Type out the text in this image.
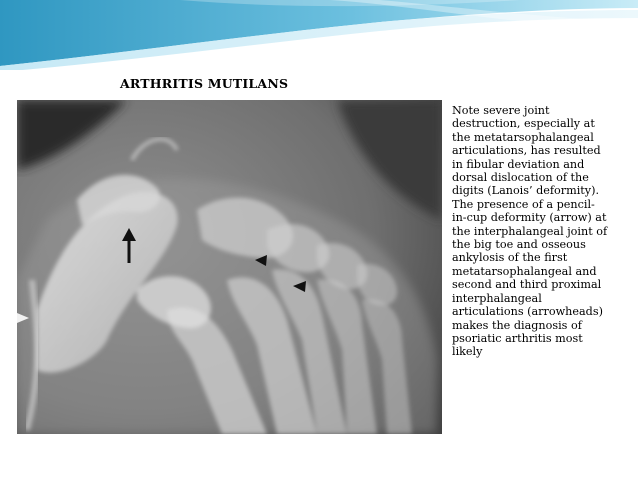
ARTHRITIS MUTILANS
Note severe joint
destruction, especially at
the metatarsophalangeal
articulations, has resulted
in fibular deviation and
dorsal dislocation of the
digits (Lanois’ deformity).
The presence of a pencil-
in-cup deformity (arrow) at
the interphalangeal joint of
the big toe and osseous
ankylosis of the first
metatarsophalangeal and
second and third proximal
interphalangeal
articulations (arrowheads)
makes the diagnosis of
psoriatic arthritis most
likely
